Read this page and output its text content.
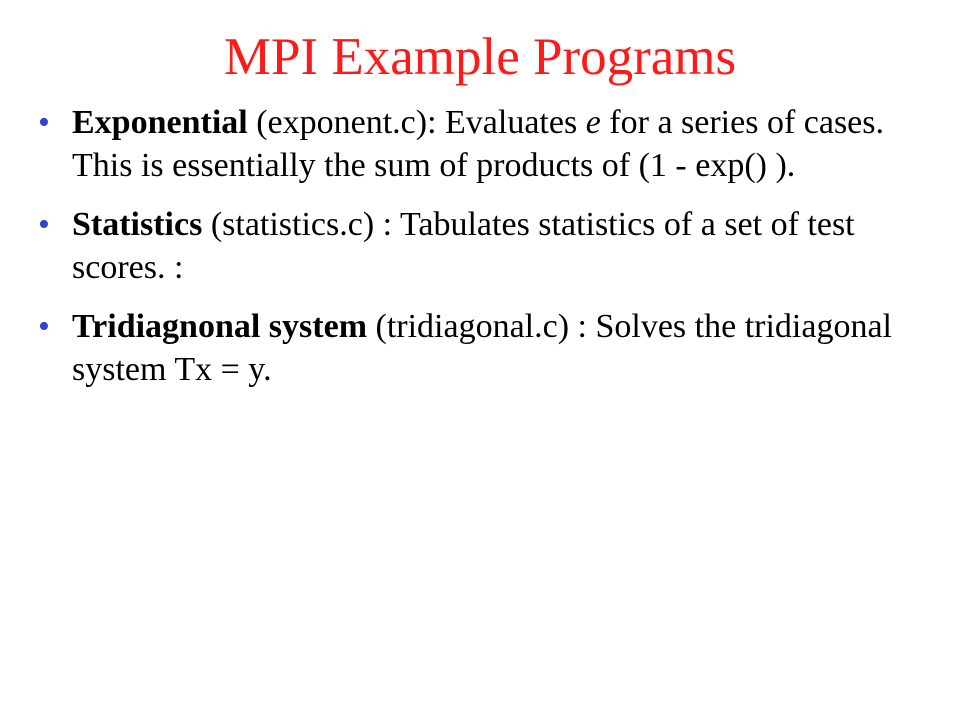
MPI Example Programs
• Exponential (exponent.c): Evaluates e for a series of cases. This is essentially the sum of products of (1 - exp() ).
• Statistics (statistics.c) : Tabulates statistics of a set of test scores. :
• Tridiagnonal system (tridiagonal.c) : Solves the tridiagonal system Tx = y.
